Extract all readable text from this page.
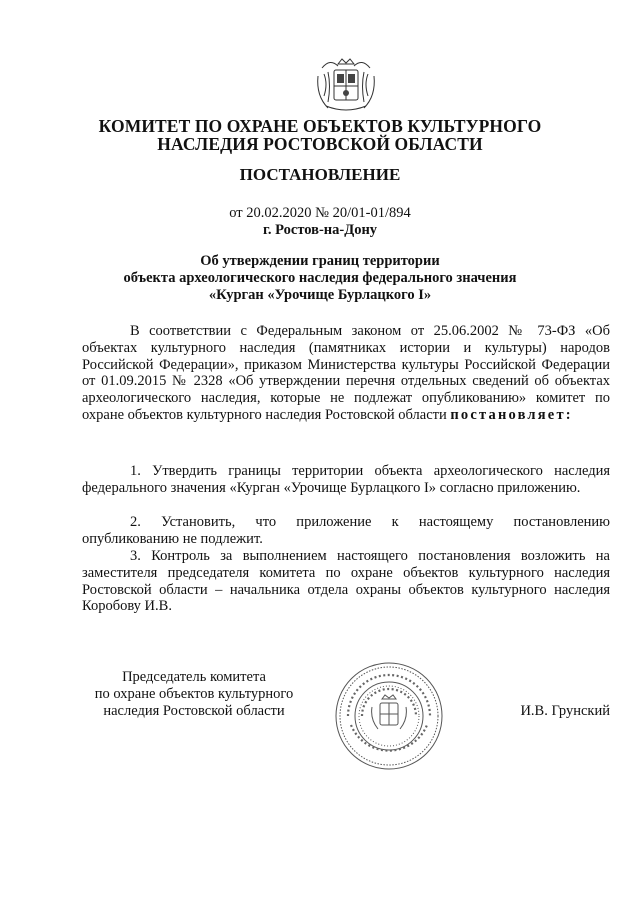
КОМИТЕТ ПО ОХРАНЕ ОБЪЕКТОВ КУЛЬТУРНОГО
НАСЛЕДИЯ РОСТОВСКОЙ ОБЛАСТИ
ПОСТАНОВЛЕНИЕ
от 20.02.2020 № 20/01-01/894
г. Ростов-на-Дону
Об утверждении границ территории
объекта археологического наследия федерального значения
«Курган «Урочище Бурлацкого I»
В соответствии с Федеральным законом от 25.06.2002 № 73-ФЗ «Об объектах культурного наследия (памятниках истории и культуры) народов Российской Федерации», приказом Министерства культуры Российской Федерации от 01.09.2015 № 2328 «Об утверждении перечня отдельных сведений об объектах археологического наследия, которые не подлежат опубликованию» комитет по охране объектов культурного наследия Ростовской области постановляет:
1. Утвердить границы территории объекта археологического наследия федерального значения «Курган «Урочище Бурлацкого I» согласно приложению.
2. Установить, что приложение к настоящему постановлению опубликованию не подлежит.
3. Контроль за выполнением настоящего постановления возложить на заместителя председателя комитета по охране объектов культурного наследия Ростовской области – начальника отдела охраны объектов культурного наследия Коробову И.В.
Председатель комитета
по охране объектов культурного
наследия Ростовской области	И.В. Грунский
